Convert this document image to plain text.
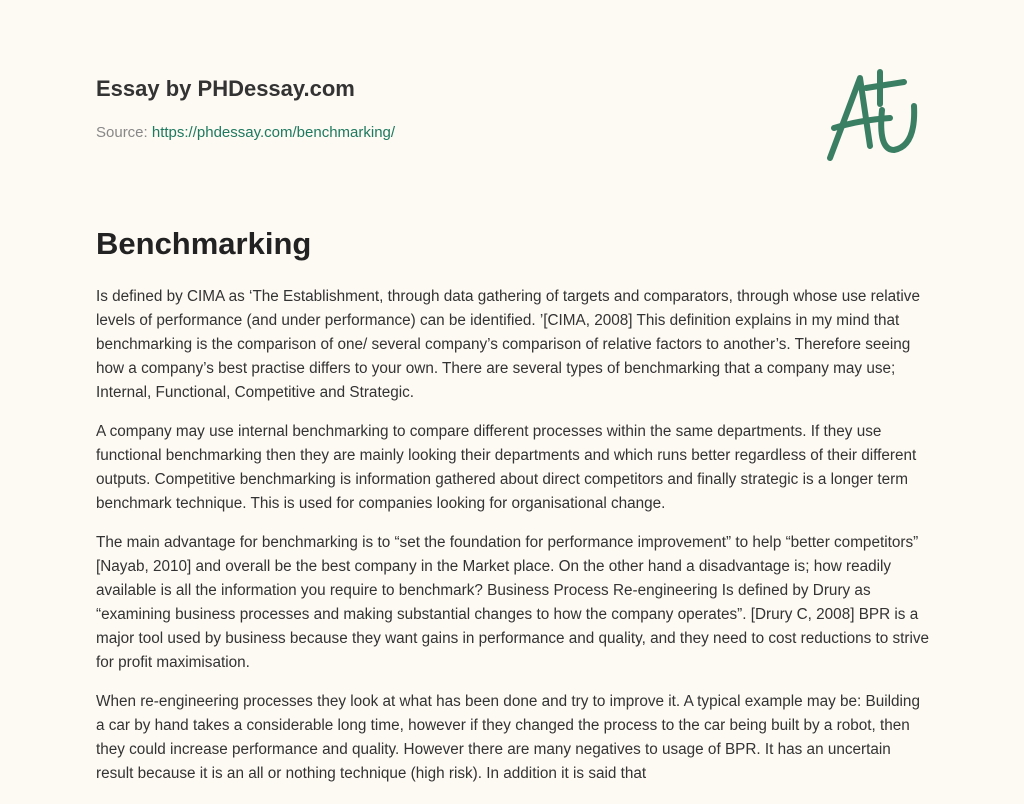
Essay by PHDessay.com
Source: https://phdessay.com/benchmarking/
Benchmarking

Is defined by CIMA as ‘The Establishment, through data gathering of targets and comparators, through whose use relative levels of performance (and under performance) can be identified. ’[CIMA, 2008] This definition explains in my mind that benchmarking is the comparison of one/ several company’s comparison of relative factors to another’s. Therefore seeing how a company’s best practise differs to your own. There are several types of benchmarking that a company may use; Internal, Functional, Competitive and Strategic.

A company may use internal benchmarking to compare different processes within the same departments. If they use functional benchmarking then they are mainly looking their departments and which runs better regardless of their different outputs. Competitive benchmarking is information gathered about direct competitors and finally strategic is a longer term benchmark technique. This is used for companies looking for organisational change.

The main advantage for benchmarking is to “set the foundation for performance improvement” to help “better competitors” [Nayab, 2010] and overall be the best company in the Market place. On the other hand a disadvantage is; how readily available is all the information you require to benchmark? Business Process Re-engineering Is defined by Drury as “examining business processes and making substantial changes to how the company operates”. [Drury C, 2008] BPR is a major tool used by business because they want gains in performance and quality, and they need to cost reductions to strive for profit maximisation.

When re-engineering processes they look at what has been done and try to improve it. A typical example may be: Building a car by hand takes a considerable long time, however if they changed the process to the car being built by a robot, then they could increase performance and quality. However there are many negatives to usage of BPR. It has an uncertain result because it is an all or nothing technique (high risk). In addition it is said that
